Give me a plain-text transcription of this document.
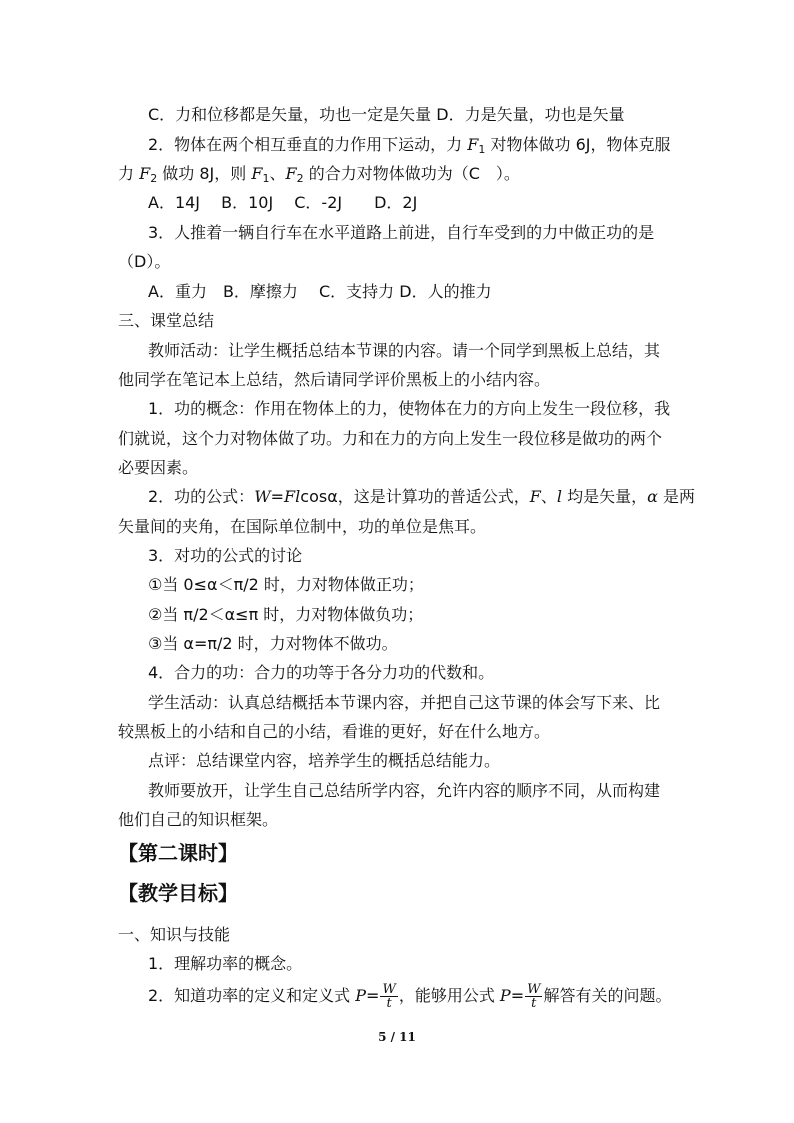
C．力和位移都是矢量，功也一定是矢量 D．力是矢量，功也是矢量
2．物体在两个相互垂直的力作用下运动，力 $F_1$ 对物体做功 6J，物体克服
力 $F_2$ 做功 8J，则 $F_1$、$F_2$ 的合力对物体做功为（C　）。
A．14J　 B．10J　 C．-2J　　D．2J
3．人推着一辆自行车在水平道路上前进，自行车受到的力中做正功的是
（D）。
A．重力　B．摩擦力　 C．支持力 D．人的推力
三、课堂总结
教师活动：让学生概括总结本节课的内容。请一个同学到黑板上总结，其
他同学在笔记本上总结，然后请同学评价黑板上的小结内容。
1．功的概念：作用在物体上的力，使物体在力的方向上发生一段位移，我
们就说，这个力对物体做了功。力和在力的方向上发生一段位移是做功的两个
必要因素。
2．功的公式：W=Flcosα，这是计算功的普适公式，F、l 均是矢量，α 是两
矢量间的夹角，在国际单位制中，功的单位是焦耳。
3．对功的公式的讨论
①当 0≤α＜π/2 时，力对物体做正功；
②当 π/2＜α≤π 时，力对物体做负功；
③当 α=π/2 时，力对物体不做功。
4．合力的功：合力的功等于各分力功的代数和。
学生活动：认真总结概括本节课内容，并把自己这节课的体会写下来、比
较黑板上的小结和自己的小结，看谁的更好，好在什么地方。
点评：总结课堂内容，培养学生的概括总结能力。
教师要放开，让学生自己总结所学内容，允许内容的顺序不同，从而构建
他们自己的知识框架。
【第二课时】
【教学目标】
一、知识与技能
1．理解功率的概念。
2．知道功率的定义和定义式 $P= \frac{W}{t}$ ，能够用公式 $P= \frac{W}{t}$ 解答有关的问题。
5 / 11
